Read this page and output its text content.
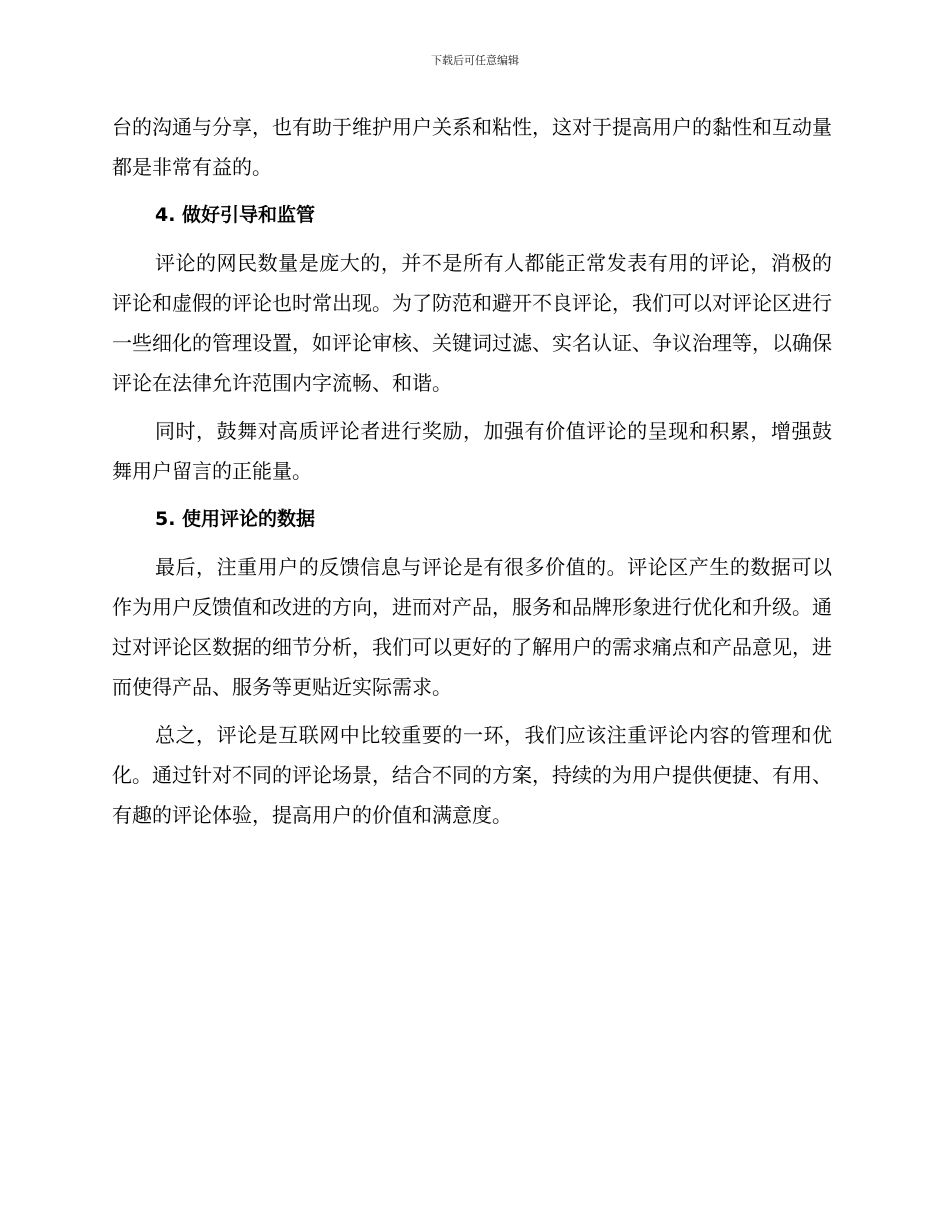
下载后可任意编辑

台的沟通与分享，也有助于维护用户关系和粘性，这对于提高用户的黏性和互动量都是非常有益的。

4. 做好引导和监管

评论的网民数量是庞大的，并不是所有人都能正常发表有用的评论，消极的评论和虚假的评论也时常出现。为了防范和避开不良评论，我们可以对评论区进行一些细化的管理设置，如评论审核、关键词过滤、实名认证、争议治理等，以确保评论在法律允许范围内字流畅、和谐。

同时，鼓舞对高质评论者进行奖励，加强有价值评论的呈现和积累，增强鼓舞用户留言的正能量。

5. 使用评论的数据

最后，注重用户的反馈信息与评论是有很多价值的。评论区产生的数据可以作为用户反馈值和改进的方向，进而对产品，服务和品牌形象进行优化和升级。通过对评论区数据的细节分析，我们可以更好的了解用户的需求痛点和产品意见，进而使得产品、服务等更贴近实际需求。

总之，评论是互联网中比较重要的一环，我们应该注重评论内容的管理和优化。通过针对不同的评论场景，结合不同的方案，持续的为用户提供便捷、有用、有趣的评论体验，提高用户的价值和满意度。
